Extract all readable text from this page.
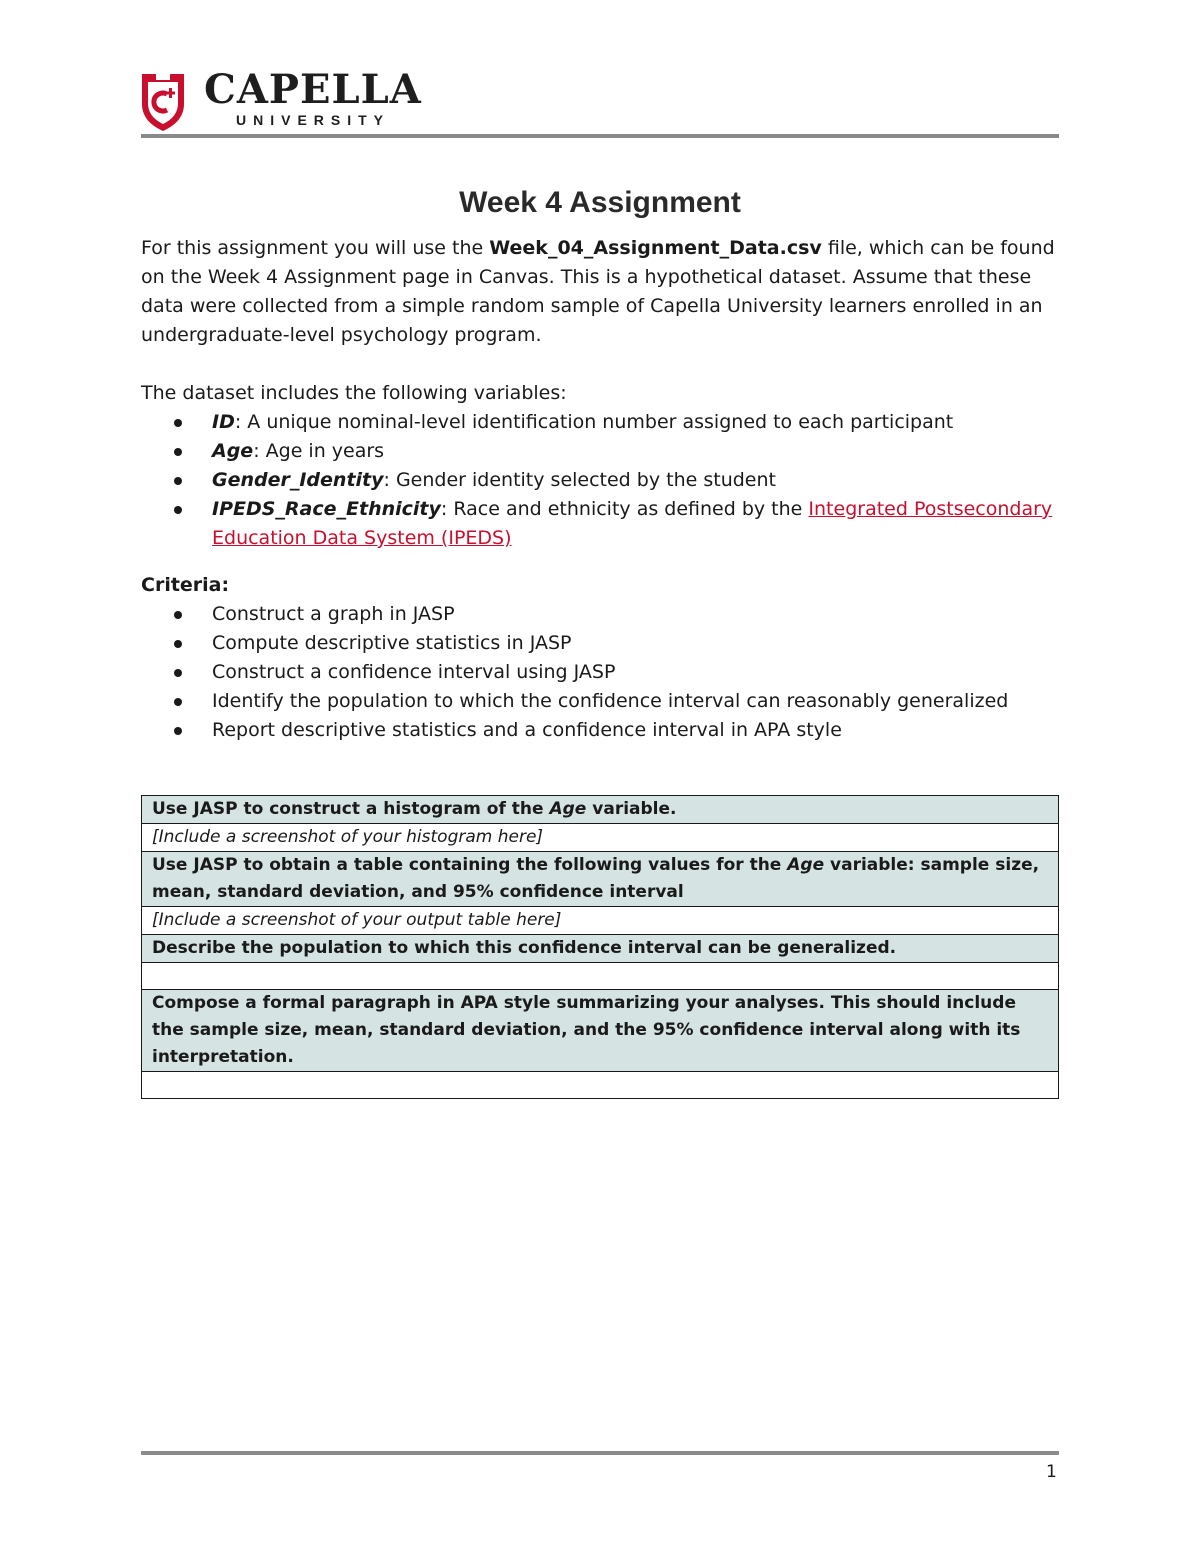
CAPELLA
UNIVERSITY
Week 4 Assignment

For this assignment you will use the Week_04_Assignment_Data.csv file, which can be found on the Week 4 Assignment page in Canvas. This is a hypothetical dataset. Assume that these data were collected from a simple random sample of Capella University learners enrolled in an undergraduate-level psychology program.

The dataset includes the following variables:

ID: A unique nominal-level identification number assigned to each participant
Age: Age in years
Gender_Identity: Gender identity selected by the student
IPEDS_Race_Ethnicity: Race and ethnicity as defined by the Integrated Postsecondary Education Data System (IPEDS)

Criteria:

Construct a graph in JASP
Compute descriptive statistics in JASP
Construct a confidence interval using JASP
Identify the population to which the confidence interval can reasonably generalized
Report descriptive statistics and a confidence interval in APA style
Use JASP to construct a histogram of the Age variable.
[Include a screenshot of your histogram here]
Use JASP to obtain a table containing the following values for the Age variable: sample size, mean, standard deviation, and 95% confidence interval
[Include a screenshot of your output table here]
Describe the population to which this confidence interval can be generalized.

Compose a formal paragraph in APA style summarizing your analyses. This should include the sample size, mean, standard deviation, and the 95% confidence interval along with its interpretation.

1
